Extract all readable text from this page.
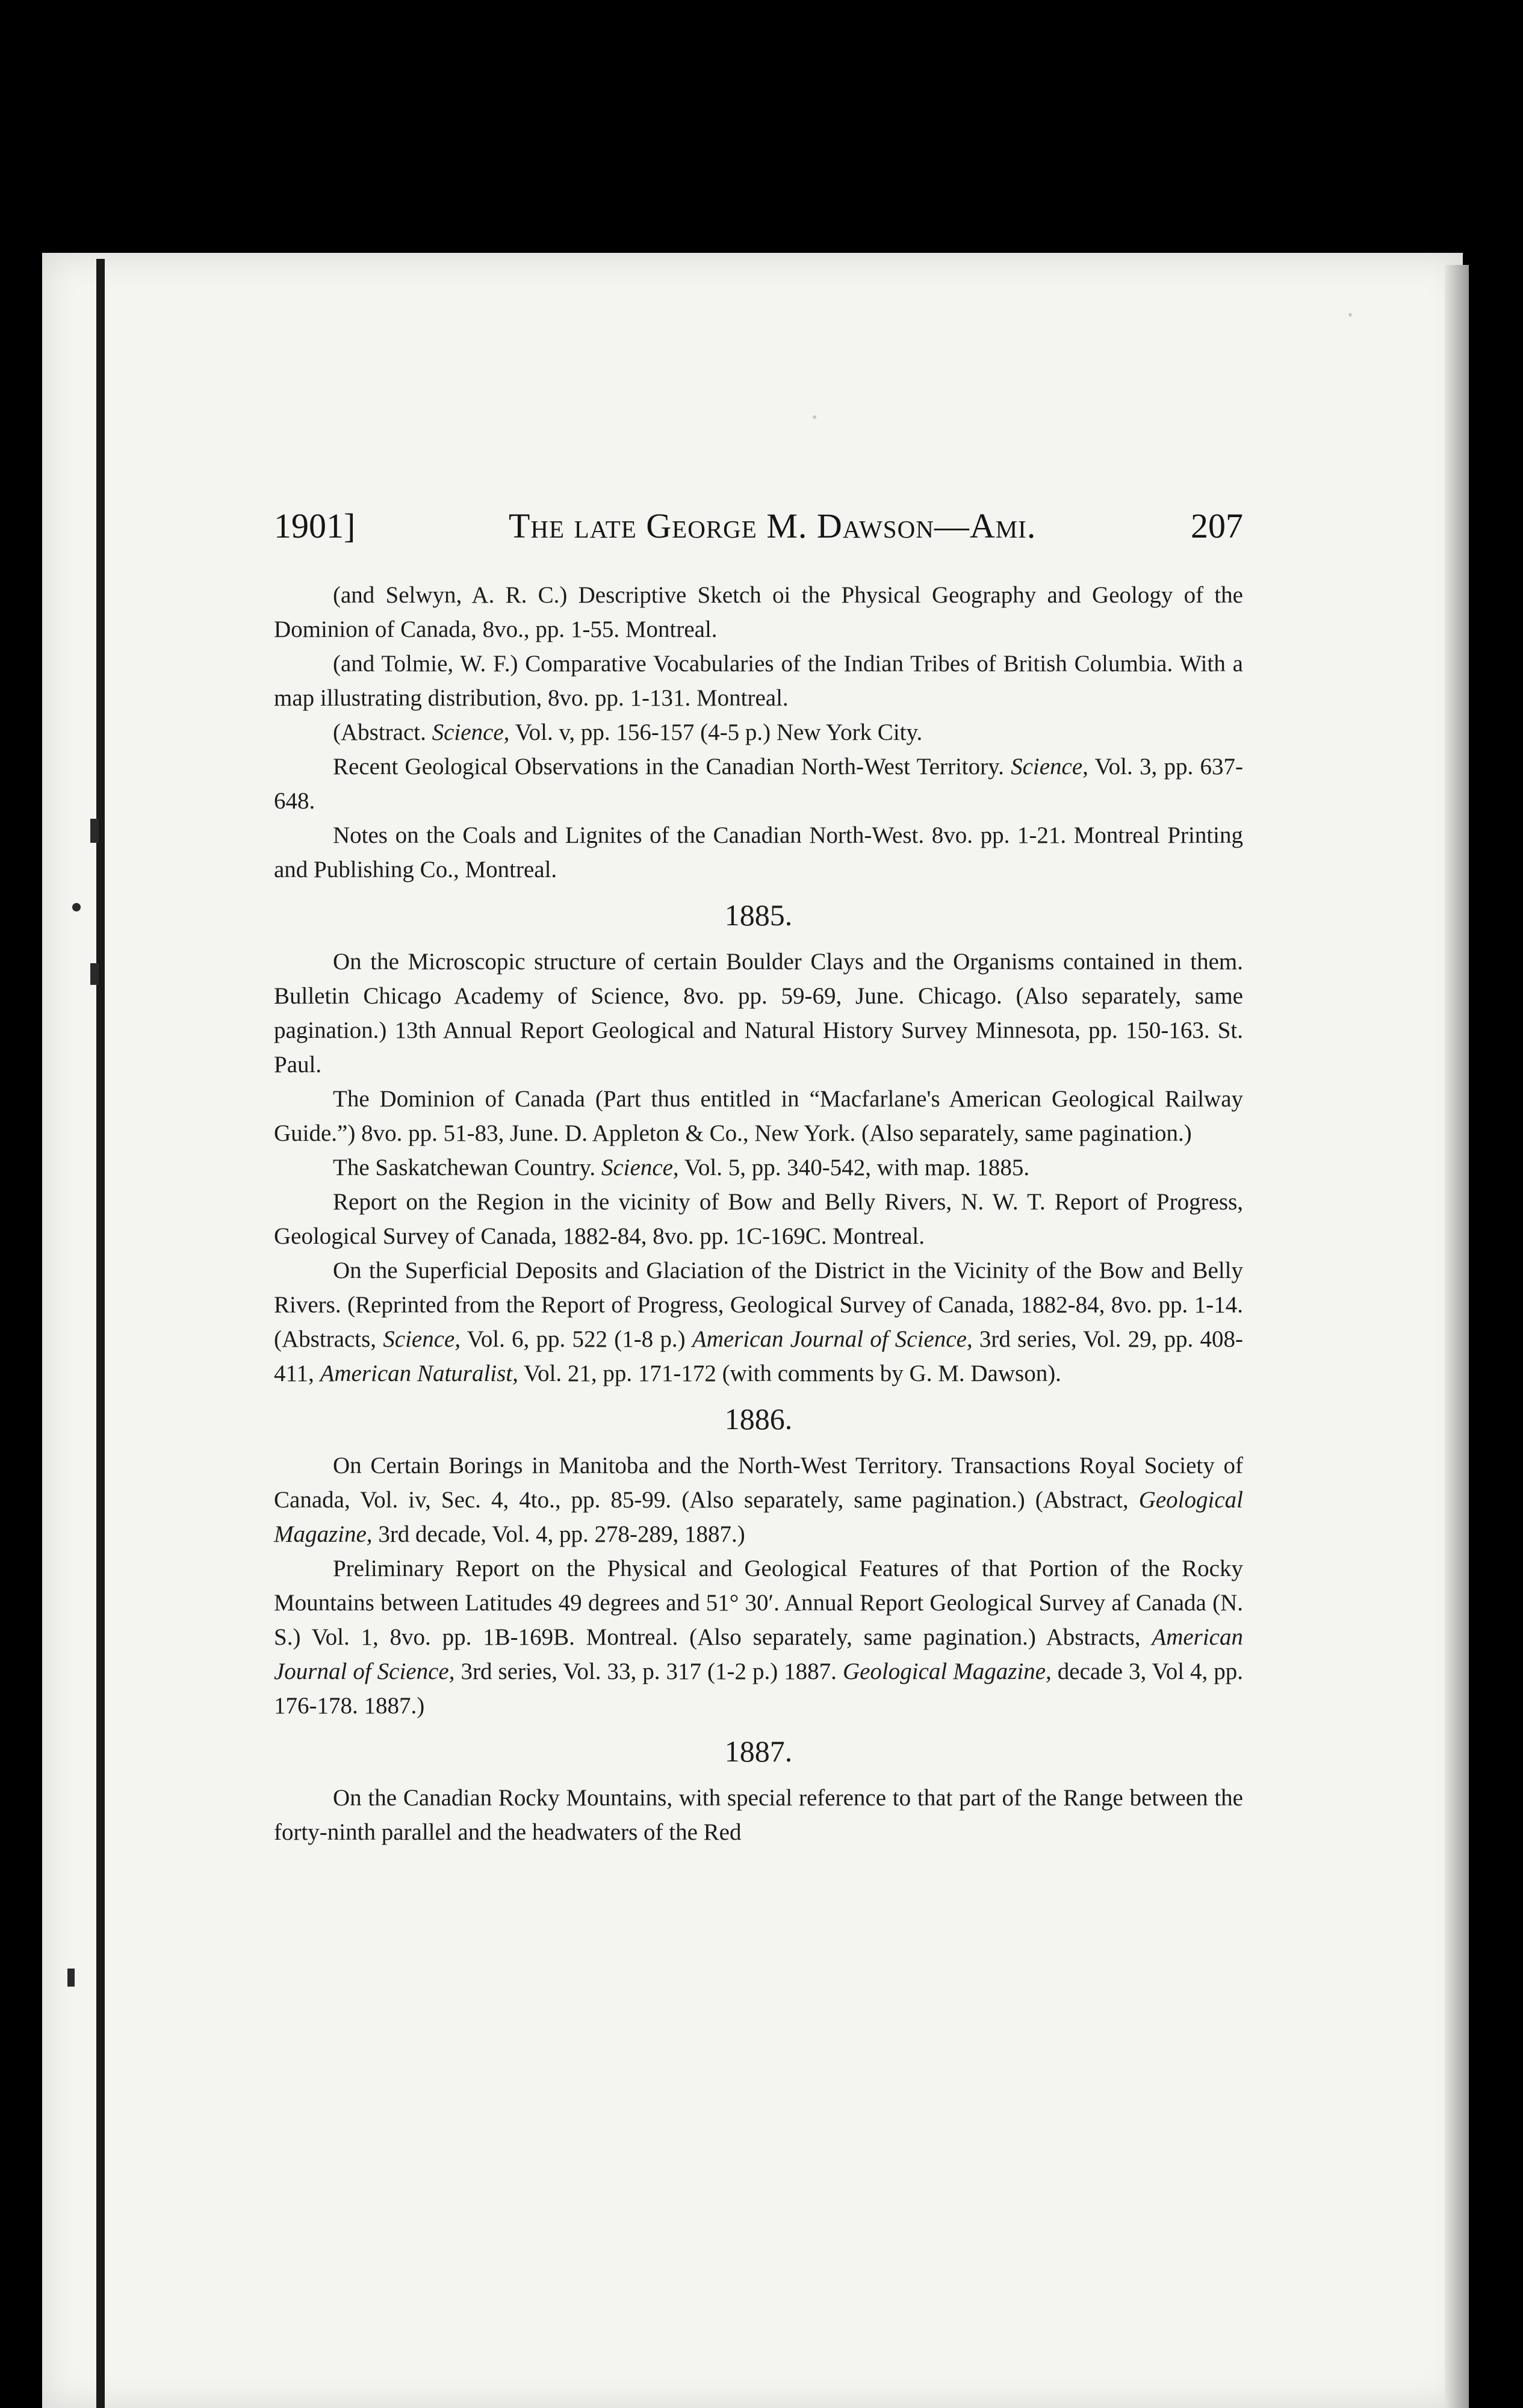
1901]	The late George M. Dawson—Ami.	207

(and Selwyn, A. R. C.) Descriptive Sketch oi the Physical Geography and Geology of the Dominion of Canada, 8vo., pp. 1-55. Montreal.

(and Tolmie, W. F.) Comparative Vocabularies of the Indian Tribes of British Columbia. With a map illustrating distribution, 8vo. pp. 1-131. Montreal.

(Abstract. Science, Vol. v, pp. 156-157 (4-5 p.) New York City.

Recent Geological Observations in the Canadian North-West Territory. Science, Vol. 3, pp. 637-648.

Notes on the Coals and Lignites of the Canadian North-West. 8vo. pp. 1-21. Montreal Printing and Publishing Co., Montreal.

1885.

On the Microscopic structure of certain Boulder Clays and the Organisms contained in them. Bulletin Chicago Academy of Science, 8vo. pp. 59-69, June. Chicago. (Also separately, same pagination.) 13th Annual Report Geological and Natural History Survey Minnesota, pp. 150-163. St. Paul.

The Dominion of Canada (Part thus entitled in “Macfarlane's American Geological Railway Guide.”) 8vo. pp. 51-83, June. D. Appleton & Co., New York. (Also separately, same pagination.)

The Saskatchewan Country. Science, Vol. 5, pp. 340-542, with map. 1885.

Report on the Region in the vicinity of Bow and Belly Rivers, N. W. T. Report of Progress, Geological Survey of Canada, 1882-84, 8vo. pp. 1C-169C. Montreal.

On the Superficial Deposits and Glaciation of the District in the Vicinity of the Bow and Belly Rivers. (Reprinted from the Report of Progress, Geological Survey of Canada, 1882-84, 8vo. pp. 1-14. (Abstracts, Science, Vol. 6, pp. 522 (1-8 p.) American Journal of Science, 3rd series, Vol. 29, pp. 408-411, American Naturalist, Vol. 21, pp. 171-172 (with comments by G. M. Dawson).

1886.

On Certain Borings in Manitoba and the North-West Territory. Transactions Royal Society of Canada, Vol. iv, Sec. 4, 4to., pp. 85-99. (Also separately, same pagination.) (Abstract, Geological Magazine, 3rd decade, Vol. 4, pp. 278-289, 1887.)

Preliminary Report on the Physical and Geological Features of that Portion of the Rocky Mountains between Latitudes 49 degrees and 51° 30′. Annual Report Geological Survey af Canada (N. S.) Vol. 1, 8vo. pp. 1B-169B. Montreal. (Also separately, same pagination.) Abstracts, American Journal of Science, 3rd series, Vol. 33, p. 317 (1-2 p.) 1887. Geological Magazine, decade 3, Vol 4, pp. 176-178. 1887.)

1887.

On the Canadian Rocky Mountains, with special reference to that part of the Range between the forty-ninth parallel and the headwaters of the Red
